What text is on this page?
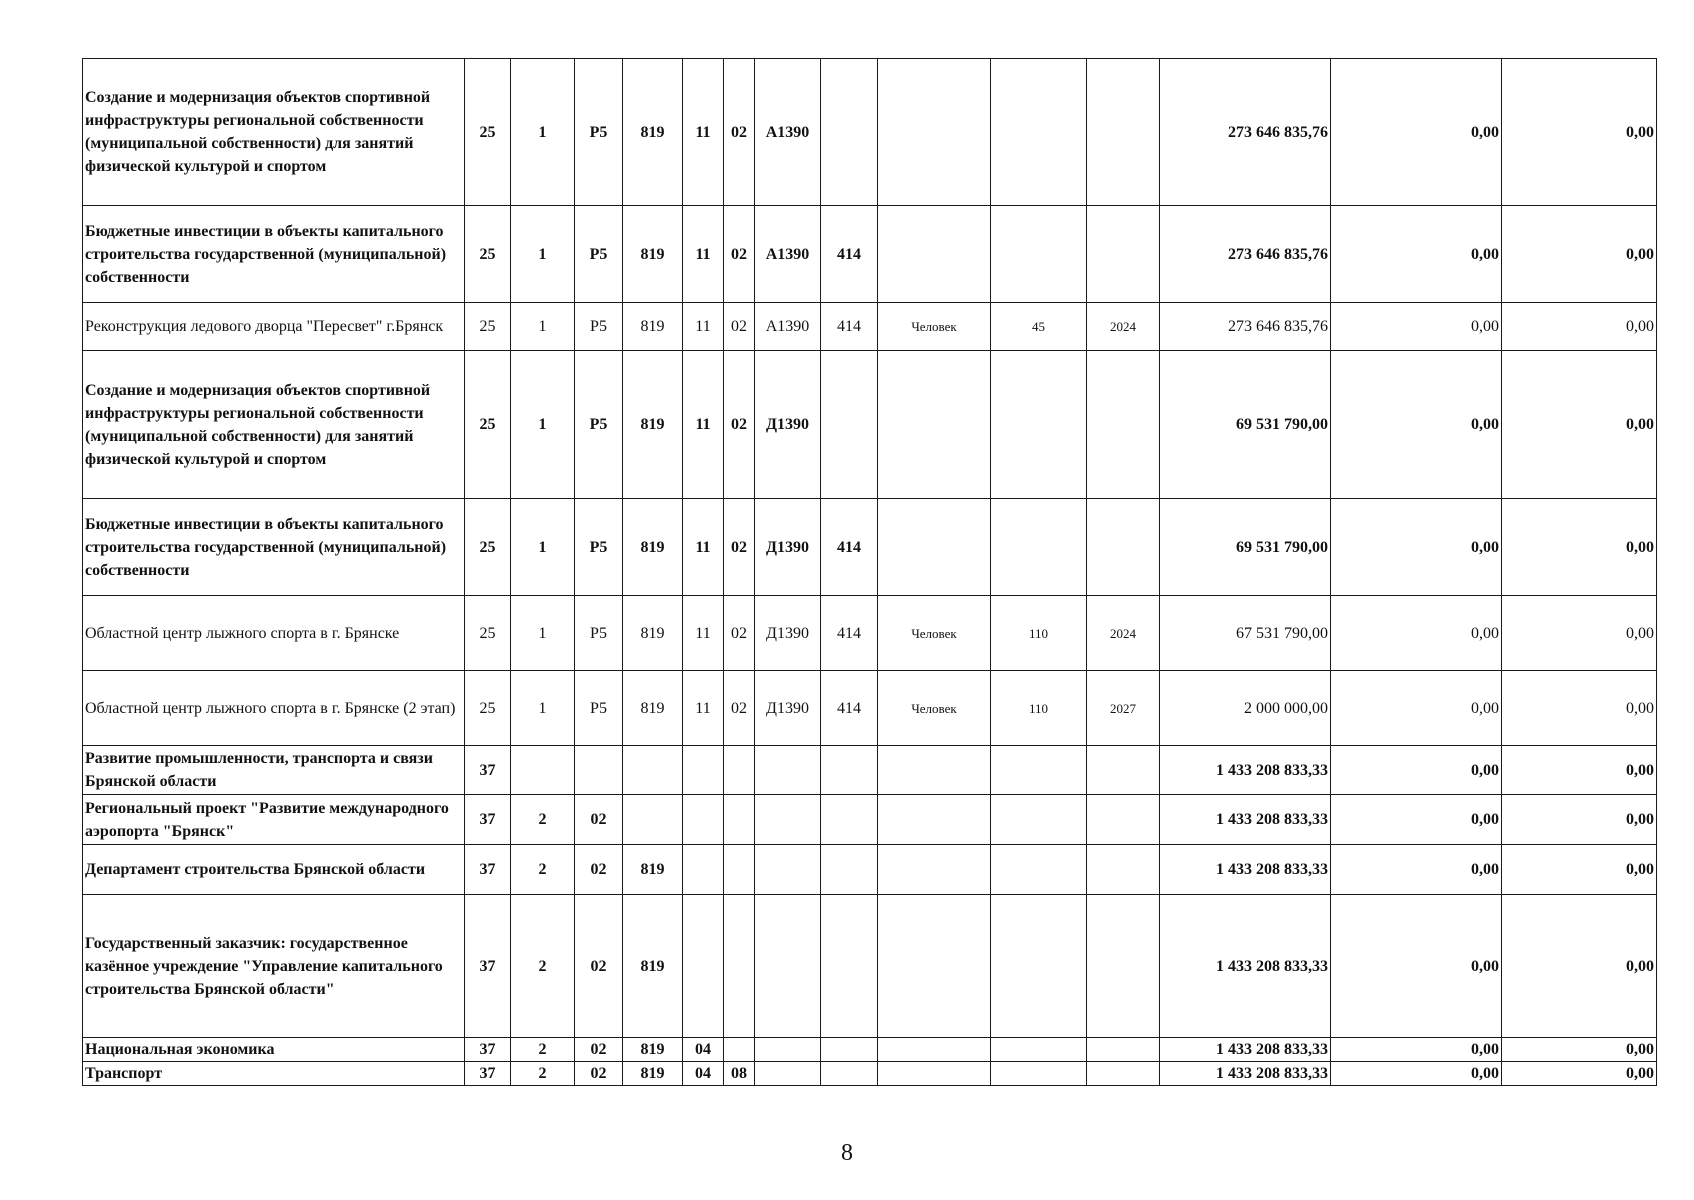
Создание и модернизация объектов спортивной инфраструктуры региональной собственности (муниципальной собственности) для занятий физической культурой и спортом	25	1	Р5	819	11	02	А1390					273 646 835,76	0,00	0,00
Бюджетные инвестиции в объекты капитального строительства государственной (муниципальной) собственности	25	1	Р5	819	11	02	А1390	414				273 646 835,76	0,00	0,00
Реконструкция ледового дворца "Пересвет" г.Брянск	25	1	Р5	819	11	02	А1390	414	Человек	45	2024	273 646 835,76	0,00	0,00
Создание и модернизация объектов спортивной инфраструктуры региональной собственности (муниципальной собственности) для занятий физической культурой и спортом	25	1	Р5	819	11	02	Д1390					69 531 790,00	0,00	0,00
Бюджетные инвестиции в объекты капитального строительства государственной (муниципальной) собственности	25	1	Р5	819	11	02	Д1390	414				69 531 790,00	0,00	0,00
Областной центр лыжного спорта в г. Брянске	25	1	Р5	819	11	02	Д1390	414	Человек	110	2024	67 531 790,00	0,00	0,00
Областной центр лыжного спорта в г. Брянске (2 этап)	25	1	Р5	819	11	02	Д1390	414	Человек	110	2027	2 000 000,00	0,00	0,00
Развитие промышленности, транспорта и связи Брянской области	37											1 433 208 833,33	0,00	0,00
Региональный проект "Развитие международного аэропорта "Брянск"	37	2	02									1 433 208 833,33	0,00	0,00
Департамент строительства Брянской области	37	2	02	819								1 433 208 833,33	0,00	0,00
Государственный заказчик: государственное казённое учреждение "Управление капитального строительства Брянской области"	37	2	02	819								1 433 208 833,33	0,00	0,00
Национальная экономика	37	2	02	819	04							1 433 208 833,33	0,00	0,00
Транспорт	37	2	02	819	04	08						1 433 208 833,33	0,00	0,00
8
